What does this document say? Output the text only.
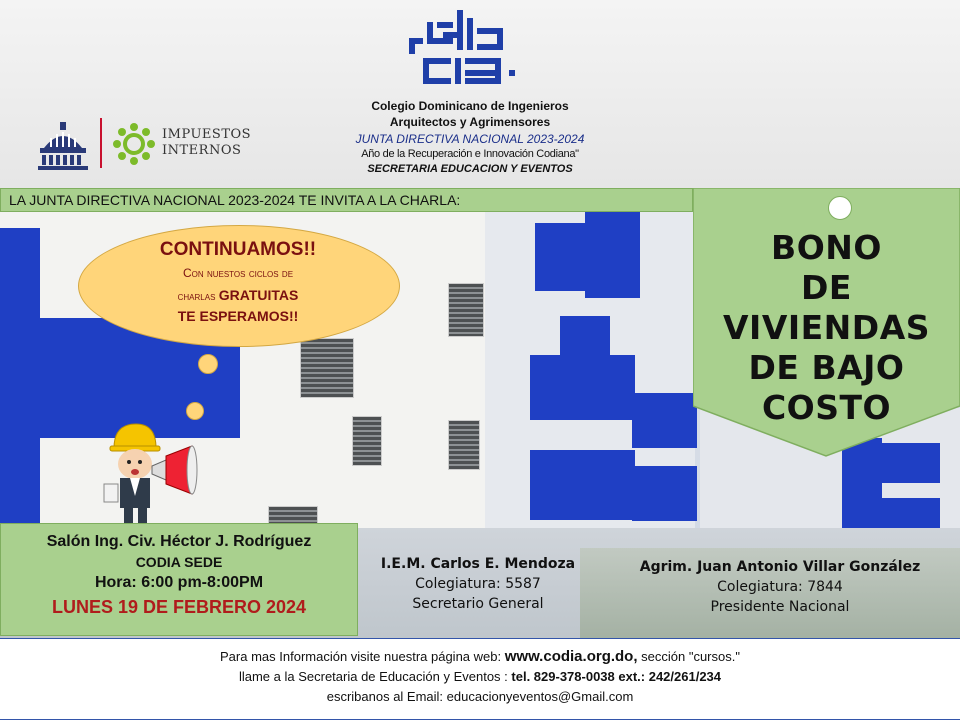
Colegio Dominicano de Ingenieros
Arquitectos y Agrimensores
JUNTA DIRECTIVA NACIONAL 2023-2024
Año de la Recuperación e Innovación Codiana"
SECRETARIA EDUCACION Y EVENTOS
IMPUESTOS
INTERNOS
LA JUNTA DIRECTIVA NACIONAL 2023-2024 TE INVITA A LA CHARLA:
BONO
DE VIVIENDAS
DE BAJO
COSTO
CONTINUAMOS!!
Con nuestos ciclos de
charlas GRATUITAS
TE ESPERAMOS!!
Salón Ing. Civ. Héctor J. Rodríguez
CODIA SEDE
Hora: 6:00 pm-8:00PM
LUNES 19 DE FEBRERO 2024
I.E.M. Carlos E. Mendoza
Colegiatura: 5587
Secretario General
Agrim. Juan Antonio Villar González
Colegiatura: 7844
Presidente Nacional
Para mas Información visite nuestra página web: www.codia.org.do, sección "cursos."
llame a la Secretaria de Educación y Eventos : tel. 829-378-0038 ext.: 242/261/234
escribanos al Email: educacionyeventos@Gmail.com
